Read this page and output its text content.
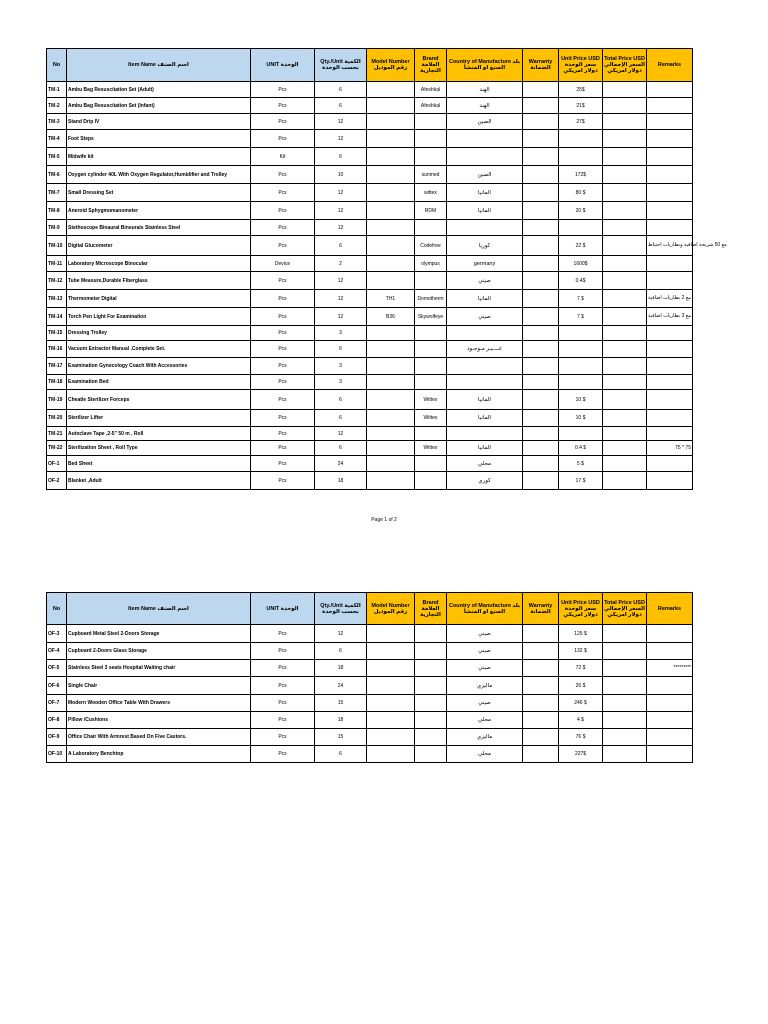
No	Item Name اسم الصنف	UNIT الوحدة	Qty./Unit الكمية بحسب الوحدة	Model Number رقم الموديل	Brand العلامة التجارية	Country of Manufacture بلد الصنع او المنشأ	Warranty الضمانة	Unit Price USD سعر الوحدة دولار امريكي	Total Price USD السعر الإجمالي دولار امريكي	Remarks
TM-1	Ambu Bag Resuscitation Set (Adult)	Pcs	6		Afeshkal	الهند		25$		
TM-2	Ambu Bag Resuscitation Set (Infant)	Pcs	6		Afeshkal	الهند		21$		
TM-3	Stand Drip IV	Pcs	12			الصين		27$		
TM-4	Foot Steps	Pcs	12							
TM-5	Midwife kit	Kit	6							
TM-6	Oxygen cylinder 40L With Oxygen Regulator,Humidifier and Trolley	Pcs	10		sunmed	الصين		172$		
TM-7	Small Dressing Set	Pcs	12		wittex	المانيا		80 $		
TM-8	Aneroid Sphygmomanometer	Pcs	12		RDM	المانيا		20 $		
TM-9	Stethoscope Binaural Bineurals Stainless Steel	Pcs	12							
TM-10	Digital Glucometer	Pcs	6		Codefree	كوريا		22 $		مع 50 شريحة اضافية وبطاريات احتياط
TM-11	Laboratory Microscope Binocular	Device	2		olympus	germany		1600$		
TM-12	Tube Measure,Durable Fiberglass	Pcs	12			صيني		0.4$		
TM-13	Thermometer Digital	Pcs	12	TH1	Domotherm	المانيا		7 $		مع 2 بطاريات اضافية
TM-14	Torch Pen Light For Examination	Pcs	12	B36	Skywolfeye	صيني		7 $		مع 3 بطاريات اضافية
TM-15	Dressing Trolley	Pcs	3							
TM-16	Vacuum Extractor Manual ,Complete Set.	Pcs	6			غــــيـر مـوجـود				
TM-17	Examination Gynecology Coach With Accessories	Pcs	3							
TM-18	Examination Bed	Pcs	3							
TM-19	Cheatle Sterilizer Forceps	Pcs	6		Wittex	المانيا		10 $		
TM-20	Sterilizer Lifter	Pcs	6		Wittex	المانيا		10 $		
TM-21	Autoclave Tape ,2-5" 50 m , Roll	Pcs	12							
TM-22	Sterilization Sheet , Roll Type	Pcs	6		Wittex	المانيا		0.4 $		75 * 75
OF-1	Bed Sheet	Pcs	24			محلي		5 $		
OF-2	Blanket ,Adult	Pcs	18			كوري		17 $		
Page 1 of 2
No	Item Name اسم الصنف	UNIT الوحدة	Qty./Unit الكمية بحسب الوحدة	Model Number رقم الموديل	Brand العلامة التجارية	Country of Manufacture بلد الصنع او المنشأ	Warranty الضمانة	Unit Price USD سعر الوحدة دولار امريكي	Total Price USD السعر الإجمالي دولار امريكي	Remarks
OF-3	Cupboard Metal Steel 2-Doors Storage	Pcs	12			صيني		125 $		
OF-4	Cupboard 2-Doors Glass Storage	Pcs	6			صيني		132 $		
OF-5	Stainless Steel 3 seats Hospital Waiting chair	Pcs	18			صيني		72 $		*********
OF-6	Single Chair	Pcs	24			ماليزي		26 $		
OF-7	Modern Wooden Office Table With Drawers	Pcs	15			صيني		246 $		
OF-8	Pillow /Cushions	Pcs	18			محلي		4 $		
OF-9	Office Chair With Armrest Based On Five Castors.	Pcs	15			ماليزي		76 $		
OF-10	A Laboratory Benchtop	Pcs	6			محلي		227$		
